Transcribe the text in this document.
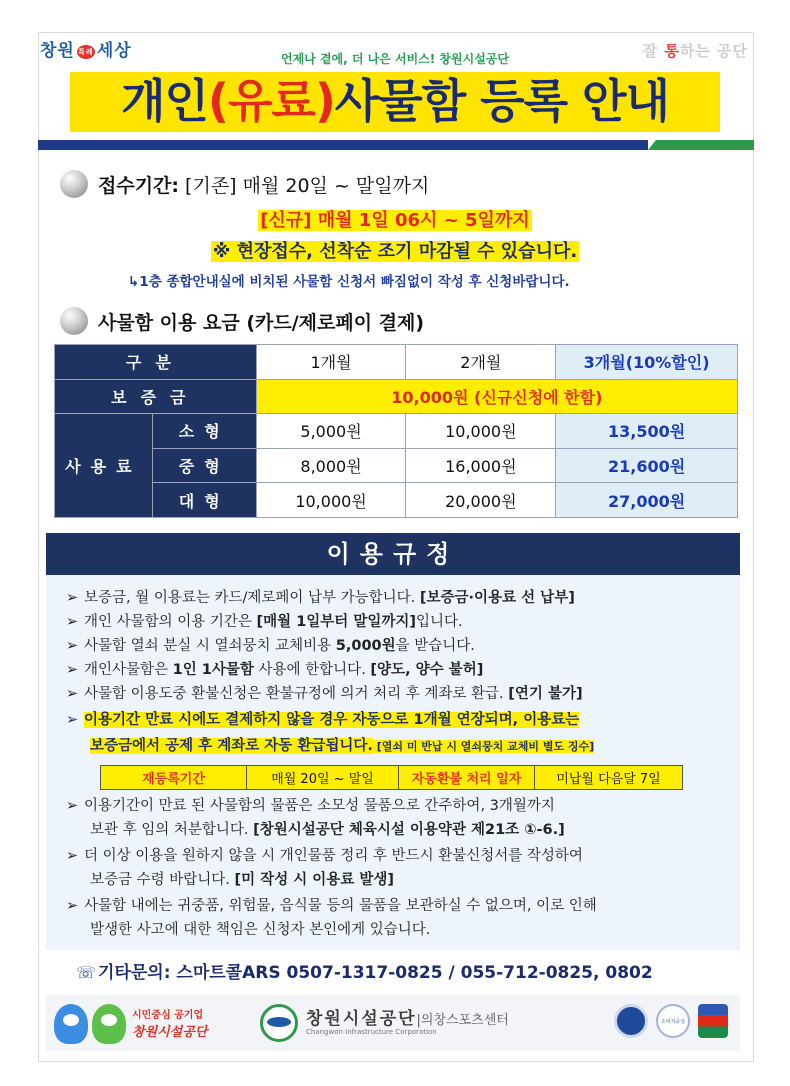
창원 특례 세상	언제나 곁에, 더 나은 서비스! 창원시설공단	잘 통하는 공단
개인(유료)사물함 등록 안내
접수기간: [기존] 매월 20일 ~ 말일까지
[신규] 매월 1일 06시 ~ 5일까지
※ 현장접수, 선착순 조기 마감될 수 있습니다.
↳1층 종합안내실에 비치된 사물함 신청서 빠짐없이 작성 후 신청바랍니다.
사물함 이용 요금 (카드/제로페이 결제)
구분		1개월	2개월	3개월(10%할인)
보증금		10,000원 (신규신청에 한함)		
사용료	소형	5,000원	10,000원	13,500원
	중형	8,000원	16,000원	21,600원
	대형	10,000원	20,000원	27,000원
이용규정
➢ 보증금, 월 이용료는 카드/제로페이 납부 가능합니다. [보증금·이용료 선 납부]
➢ 개인 사물함의 이용 기간은 [매월 1일부터 말일까지]입니다.
➢ 사물함 열쇠 분실 시 열쇠뭉치 교체비용 5,000원을 받습니다.
➢ 개인사물함은 1인 1사물함 사용에 한합니다. [양도, 양수 불허]
➢ 사물함 이용도중 환불신청은 환불규정에 의거 처리 후 계좌로 환급. [연기 불가]
➢ 이용기간 만료 시에도 결제하지 않을 경우 자동으로 1개월 연장되며, 이용료는
보증금에서 공제 후 계좌로 자동 환급됩니다. [열쇠 미 반납 시 열쇠뭉치 교체비 별도 징수]
재등록기간	매월 20일 ~ 말일	자동환불 처리 일자	미납월 다음달 7일
➢ 이용기간이 만료 된 사물함의 물품은 소모성 물품으로 간주하여, 3개월까지
보관 후 임의 처분합니다. [창원시설공단 체육시설 이용약관 제21조 ①-6.]
➢ 더 이상 이용을 원하지 않을 시 개인물품 정리 후 반드시 환불신청서를 작성하여
보증금 수령 바랍니다. [미 작성 시 이용료 발생]
➢ 사물함 내에는 귀중품, 위험물, 음식물 등의 물품을 보관하실 수 없으며, 이로 인해
발생한 사고에 대한 책임은 신청자 본인에게 있습니다.
☏ 기타문의: 스마트콜ARS 0507-1317-0825 / 055-712-0825, 0802
시민중심 공기업
창원시설공단
창원시설공단|의창스포츠센터
Changwon Infrastructure Corporation
소비자중심
